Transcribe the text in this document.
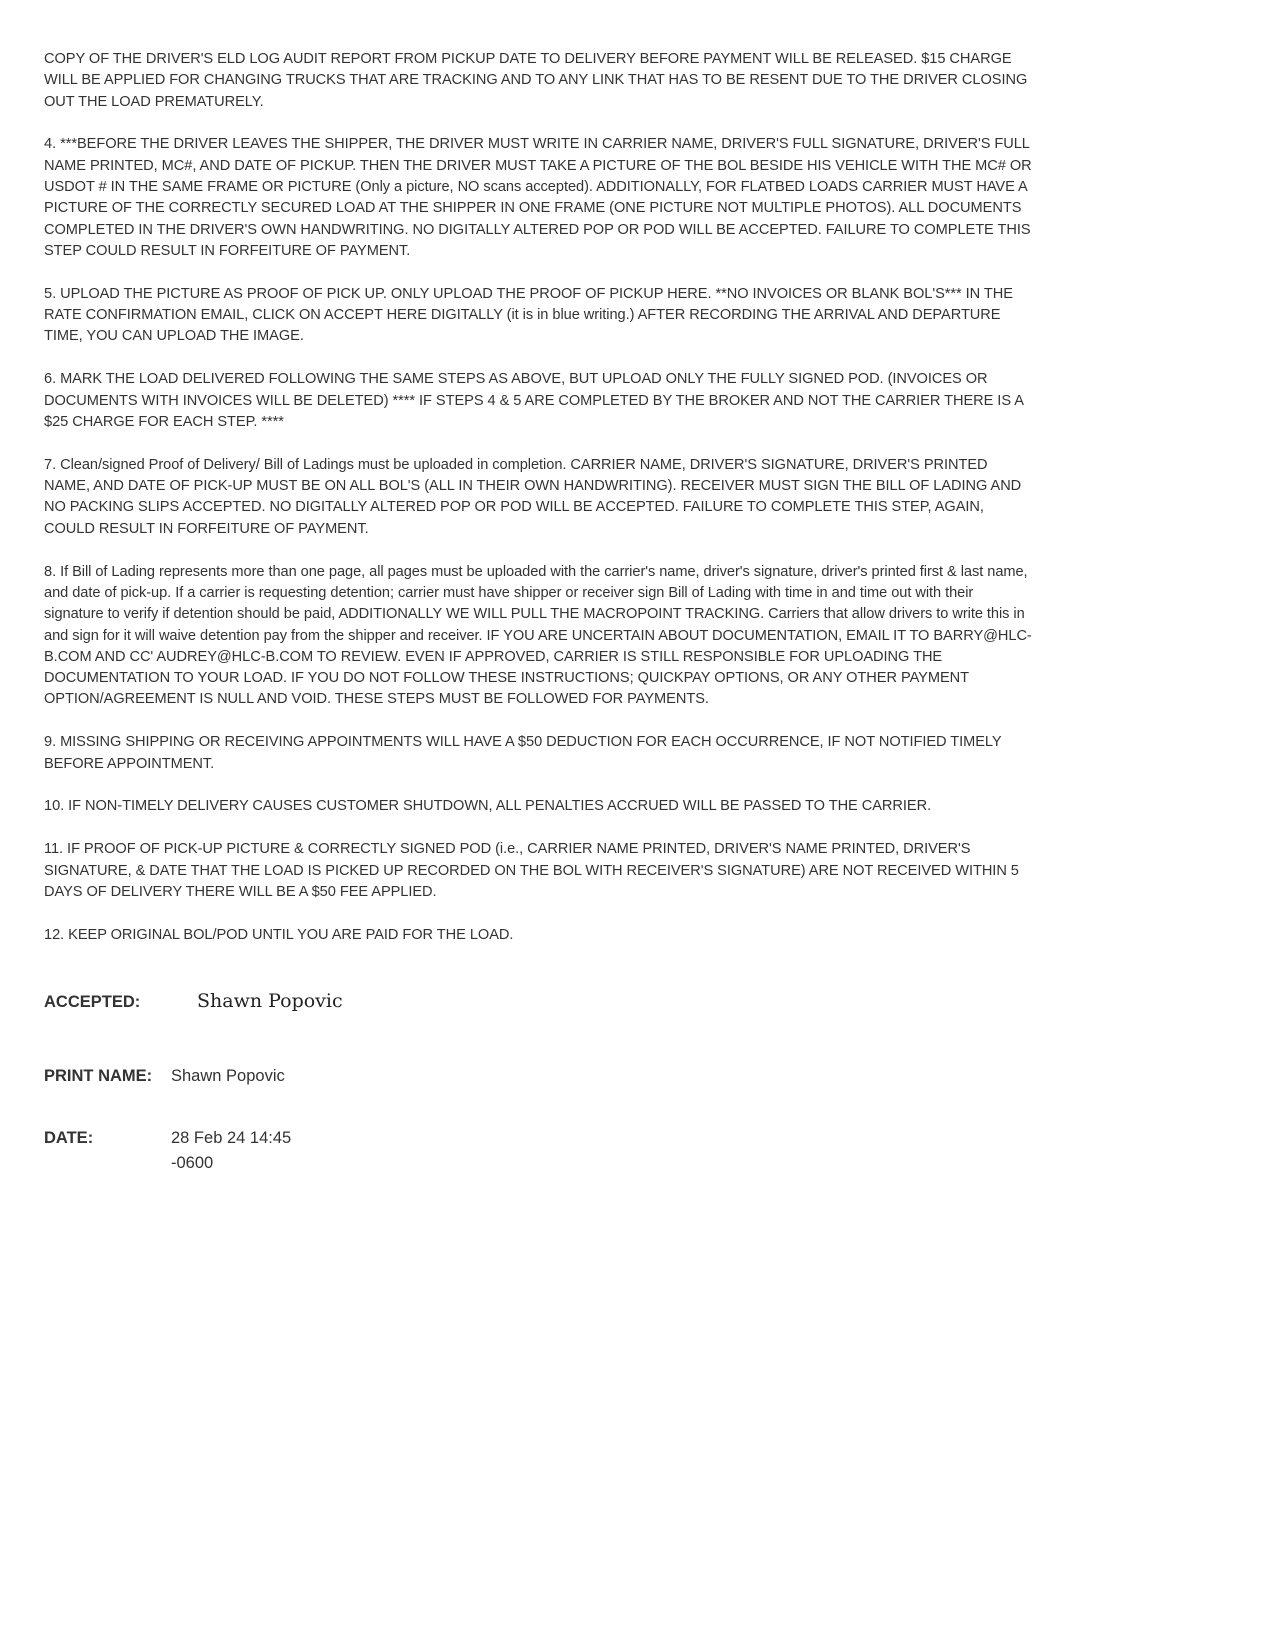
COPY OF THE DRIVER'S ELD LOG AUDIT REPORT FROM PICKUP DATE TO DELIVERY BEFORE PAYMENT WILL BE RELEASED. $15 CHARGE WILL BE APPLIED FOR CHANGING TRUCKS THAT ARE TRACKING AND TO ANY LINK THAT HAS TO BE RESENT DUE TO THE DRIVER CLOSING OUT THE LOAD PREMATURELY.

4. ***BEFORE THE DRIVER LEAVES THE SHIPPER, THE DRIVER MUST WRITE IN CARRIER NAME, DRIVER'S FULL SIGNATURE, DRIVER'S FULL NAME PRINTED, MC#, AND DATE OF PICKUP. THEN THE DRIVER MUST TAKE A PICTURE OF THE BOL BESIDE HIS VEHICLE WITH THE MC# OR USDOT # IN THE SAME FRAME OR PICTURE (Only a picture, NO scans accepted). ADDITIONALLY, FOR FLATBED LOADS CARRIER MUST HAVE A PICTURE OF THE CORRECTLY SECURED LOAD AT THE SHIPPER IN ONE FRAME (ONE PICTURE NOT MULTIPLE PHOTOS). ALL DOCUMENTS COMPLETED IN THE DRIVER'S OWN HANDWRITING. NO DIGITALLY ALTERED POP OR POD WILL BE ACCEPTED. FAILURE TO COMPLETE THIS STEP COULD RESULT IN FORFEITURE OF PAYMENT.

5. UPLOAD THE PICTURE AS PROOF OF PICK UP. ONLY UPLOAD THE PROOF OF PICKUP HERE. **NO INVOICES OR BLANK BOL'S*** IN THE RATE CONFIRMATION EMAIL, CLICK ON ACCEPT HERE DIGITALLY (it is in blue writing.) AFTER RECORDING THE ARRIVAL AND DEPARTURE TIME, YOU CAN UPLOAD THE IMAGE.

6. MARK THE LOAD DELIVERED FOLLOWING THE SAME STEPS AS ABOVE, BUT UPLOAD ONLY THE FULLY SIGNED POD. (INVOICES OR DOCUMENTS WITH INVOICES WILL BE DELETED) **** IF STEPS 4 & 5 ARE COMPLETED BY THE BROKER AND NOT THE CARRIER THERE IS A $25 CHARGE FOR EACH STEP. ****

7. Clean/signed Proof of Delivery/ Bill of Ladings must be uploaded in completion. CARRIER NAME, DRIVER'S SIGNATURE, DRIVER'S PRINTED NAME, AND DATE OF PICK-UP MUST BE ON ALL BOL'S (ALL IN THEIR OWN HANDWRITING). RECEIVER MUST SIGN THE BILL OF LADING AND NO PACKING SLIPS ACCEPTED. NO DIGITALLY ALTERED POP OR POD WILL BE ACCEPTED. FAILURE TO COMPLETE THIS STEP, AGAIN, COULD RESULT IN FORFEITURE OF PAYMENT.

8. If Bill of Lading represents more than one page, all pages must be uploaded with the carrier's name, driver's signature, driver's printed first & last name, and date of pick-up. If a carrier is requesting detention; carrier must have shipper or receiver sign Bill of Lading with time in and time out with their signature to verify if detention should be paid, ADDITIONALLY WE WILL PULL THE MACROPOINT TRACKING. Carriers that allow drivers to write this in and sign for it will waive detention pay from the shipper and receiver. IF YOU ARE UNCERTAIN ABOUT DOCUMENTATION, EMAIL IT TO BARRY@HLC-B.COM AND CC' AUDREY@HLC-B.COM TO REVIEW. EVEN IF APPROVED, CARRIER IS STILL RESPONSIBLE FOR UPLOADING THE DOCUMENTATION TO YOUR LOAD. IF YOU DO NOT FOLLOW THESE INSTRUCTIONS; QUICKPAY OPTIONS, OR ANY OTHER PAYMENT OPTION/AGREEMENT IS NULL AND VOID. THESE STEPS MUST BE FOLLOWED FOR PAYMENTS.

9. MISSING SHIPPING OR RECEIVING APPOINTMENTS WILL HAVE A $50 DEDUCTION FOR EACH OCCURRENCE, IF NOT NOTIFIED TIMELY BEFORE APPOINTMENT.

10. IF NON-TIMELY DELIVERY CAUSES CUSTOMER SHUTDOWN, ALL PENALTIES ACCRUED WILL BE PASSED TO THE CARRIER.

11. IF PROOF OF PICK-UP PICTURE & CORRECTLY SIGNED POD (i.e., CARRIER NAME PRINTED, DRIVER'S NAME PRINTED, DRIVER'S SIGNATURE, & DATE THAT THE LOAD IS PICKED UP RECORDED ON THE BOL WITH RECEIVER'S SIGNATURE) ARE NOT RECEIVED WITHIN 5 DAYS OF DELIVERY THERE WILL BE A $50 FEE APPLIED.

12. KEEP ORIGINAL BOL/POD UNTIL YOU ARE PAID FOR THE LOAD.

ACCEPTED:	Shawn Popovic
PRINT NAME: Shawn Popovic
DATE:	28 Feb 24 14:45 -0600
